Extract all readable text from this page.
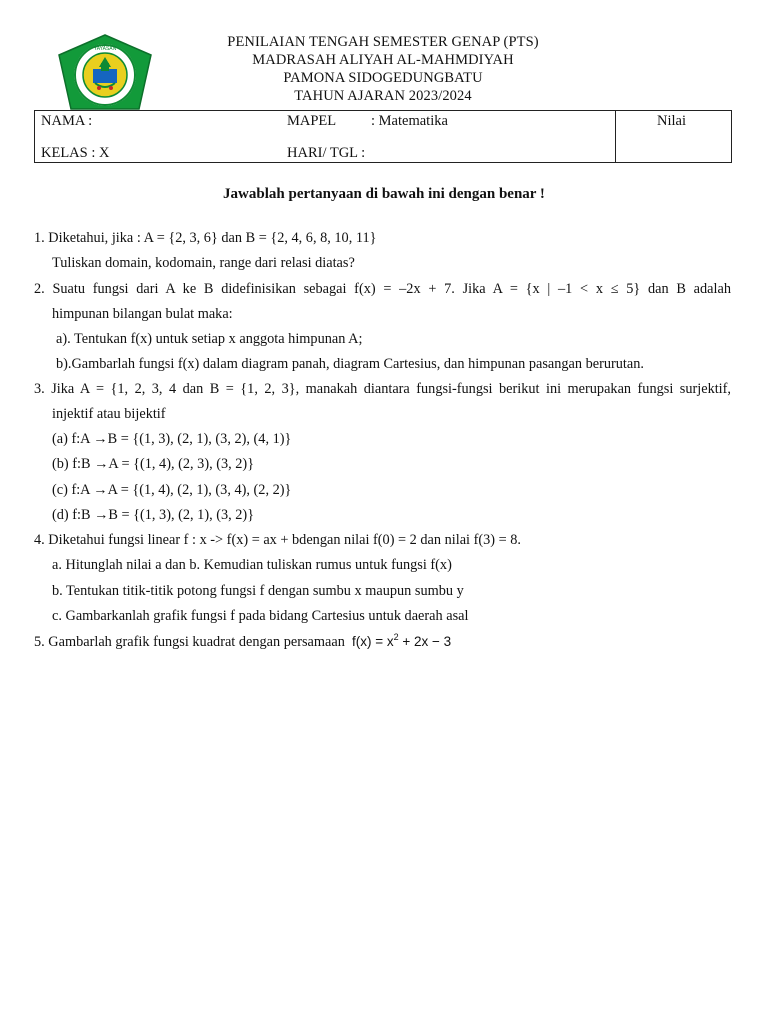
YAYASAN	PENILAIAN TENGAH SEMESTER GENAP (PTS)
MADRASAH ALIYAH AL-MAHMDIYAH
PAMONA SIDOGEDUNGBATU
TAHUN AJARAN 2023/2024
NAMA :	MAPEL : Matematika	Nilai
KELAS : X	HARI/ TGL :
Jawablah pertanyaan di bawah ini dengan benar !
1. Diketahui, jika : A = {2, 3, 6} dan B = {2, 4, 6, 8, 10, 11}
Tuliskan domain, kodomain, range dari relasi diatas?
2. Suatu fungsi dari A ke B didefinisikan sebagai f(x) = –2x + 7. Jika A = {x | –1 < x ≤ 5} dan B adalah
himpunan bilangan bulat maka:
a). Tentukan f(x) untuk setiap x anggota himpunan A;
b).Gambarlah fungsi f(x) dalam diagram panah, diagram Cartesius, dan himpunan pasangan berurutan.
3. Jika A = {1, 2, 3, 4 dan B = {1, 2, 3}, manakah diantara fungsi-fungsi berikut ini merupakan fungsi surjektif,
injektif atau bijektif
(a) f:A →B = {(1, 3), (2, 1), (3, 2), (4, 1)}
(b) f:B →A = {(1, 4), (2, 3), (3, 2)}
(c) f:A →A = {(1, 4), (2, 1), (3, 4), (2, 2)}
(d) f:B →B = {(1, 3), (2, 1), (3, 2)}
4. Diketahui fungsi linear f : x -> f(x) = ax + bdengan nilai f(0) = 2 dan nilai f(3) = 8.
a. Hitunglah nilai a dan b. Kemudian tuliskan rumus untuk fungsi f(x)
b. Tentukan titik-titik potong fungsi f dengan sumbu x maupun sumbu y
c. Gambarkanlah grafik fungsi f pada bidang Cartesius untuk daerah asal
5. Gambarlah grafik fungsi kuadrat dengan persamaan $f(x) = x^2 + 2x - 3$
